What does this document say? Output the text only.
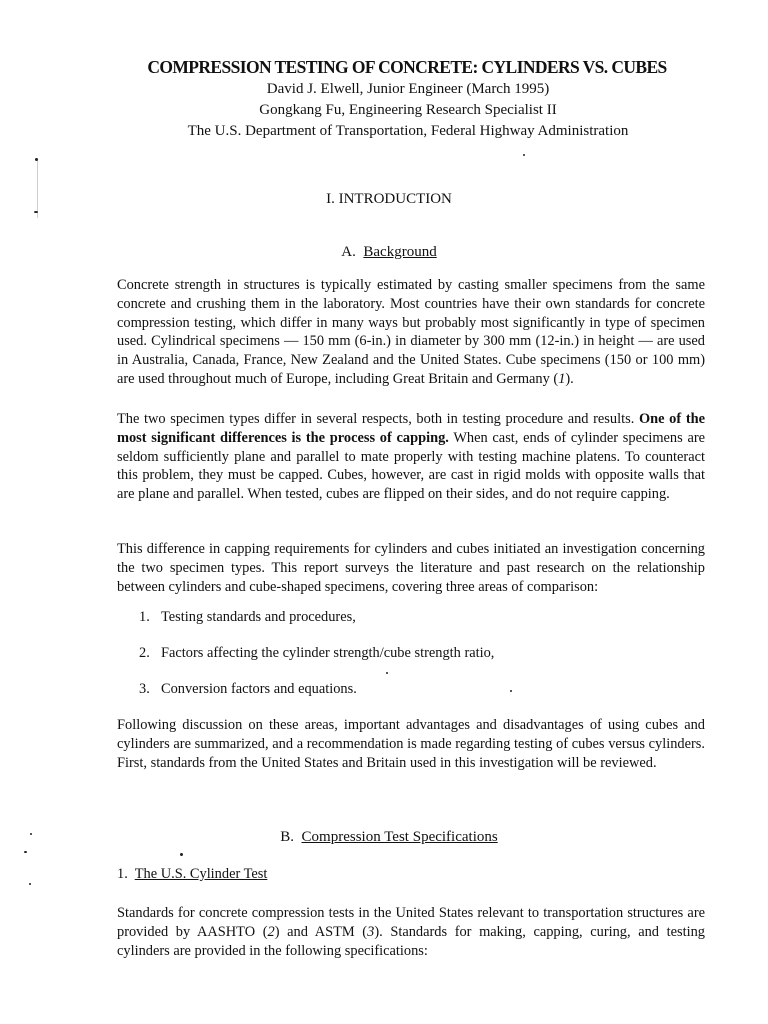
COMPRESSION TESTING OF CONCRETE: CYLINDERS VS. CUBES
David J. Elwell, Junior Engineer (March 1995)
Gongkang Fu, Engineering Research Specialist II
The U.S. Department of Transportation, Federal Highway Administration
I. INTRODUCTION
A. Background

Concrete strength in structures is typically estimated by casting smaller specimens from the same concrete and crushing them in the laboratory. Most countries have their own standards for concrete compression testing, which differ in many ways but probably most significantly in type of specimen used. Cylindrical specimens — 150 mm (6-in.) in diameter by 300 mm (12-in.) in height — are used in Australia, Canada, France, New Zealand and the United States. Cube specimens (150 or 100 mm) are used throughout much of Europe, including Great Britain and Germany (1).

The two specimen types differ in several respects, both in testing procedure and results. One of the most significant differences is the process of capping. When cast, ends of cylinder specimens are seldom sufficiently plane and parallel to mate properly with testing machine platens. To counteract this problem, they must be capped. Cubes, however, are cast in rigid molds with opposite walls that are plane and parallel. When tested, cubes are flipped on their sides, and do not require capping.

This difference in capping requirements for cylinders and cubes initiated an investigation concerning the two specimen types. This report surveys the literature and past research on the relationship between cylinders and cube-shaped specimens, covering three areas of comparison:

1. Testing standards and procedures,
2. Factors affecting the cylinder strength/cube strength ratio,
3. Conversion factors and equations.

Following discussion on these areas, important advantages and disadvantages of using cubes and cylinders are summarized, and a recommendation is made regarding testing of cubes versus cylinders. First, standards from the United States and Britain used in this investigation will be reviewed.

B. Compression Test Specifications
1. The U.S. Cylinder Test

Standards for concrete compression tests in the United States relevant to transportation structures are provided by AASHTO (2) and ASTM (3). Standards for making, capping, curing, and testing cylinders are provided in the following specifications:
